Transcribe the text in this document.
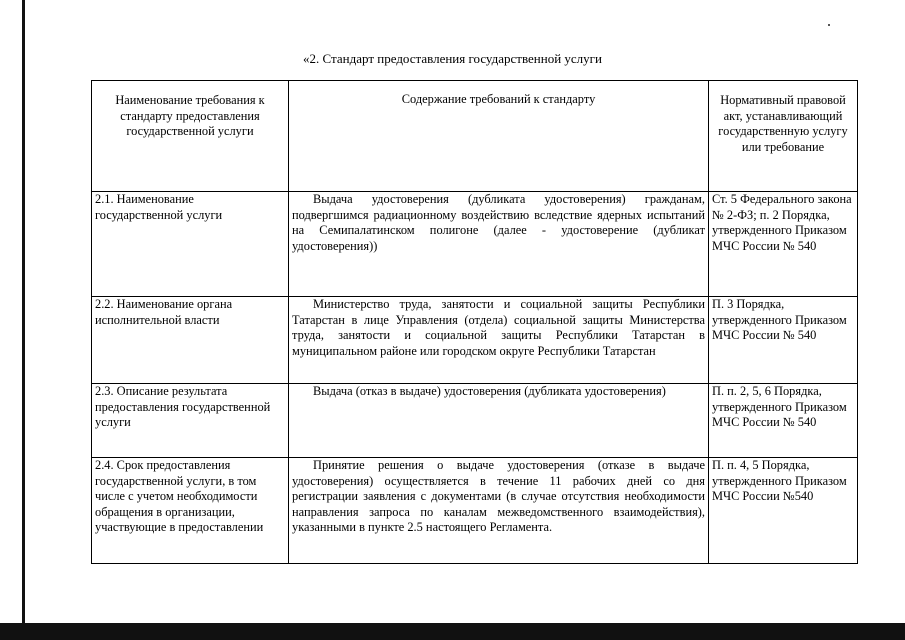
«2. Стандарт предоставления государственной услуги
Наименование требования к стандарту предоставления государственной услуги	Содержание требований к стандарту	Нормативный правовой акт, устанавливающий государственную услугу или требование
2.1. Наименование государственной услуги	Выдача удостоверения (дубликата удостоверения) гражданам, подвергшимся радиационному воздействию вследствие ядерных испытаний на Семипалатинском полигоне (далее - удостоверение (дубликат удостоверения))	Ст. 5 Федерального закона № 2-ФЗ; п. 2 Порядка, утвержденного Приказом МЧС России № 540
2.2. Наименование органа исполнительной власти	Министерство труда, занятости и социальной защиты Республики Татарстан в лице Управления (отдела) социальной защиты Министерства труда, занятости и социальной защиты Республики Татарстан в муниципальном районе или городском округе Республики Татарстан	П. 3 Порядка, утвержденного Приказом МЧС России № 540
2.3. Описание результата предоставления государственной услуги	Выдача (отказ в выдаче) удостоверения (дубликата удостоверения)	П. п. 2, 5, 6 Порядка, утвержденного Приказом МЧС России № 540
2.4. Срок предоставления государственной услуги, в том числе с учетом необходимости обращения в организации, участвующие в предоставлении	Принятие решения о выдаче удостоверения (отказе в выдаче удостоверения) осуществляется в течение 11 рабочих дней со дня регистрации заявления с документами (в случае отсутствия необходимости направления запроса по каналам межведомственного взаимодействия), указанными в пункте 2.5 настоящего Регламента.	П. п. 4, 5 Порядка, утвержденного Приказом МЧС России №540
